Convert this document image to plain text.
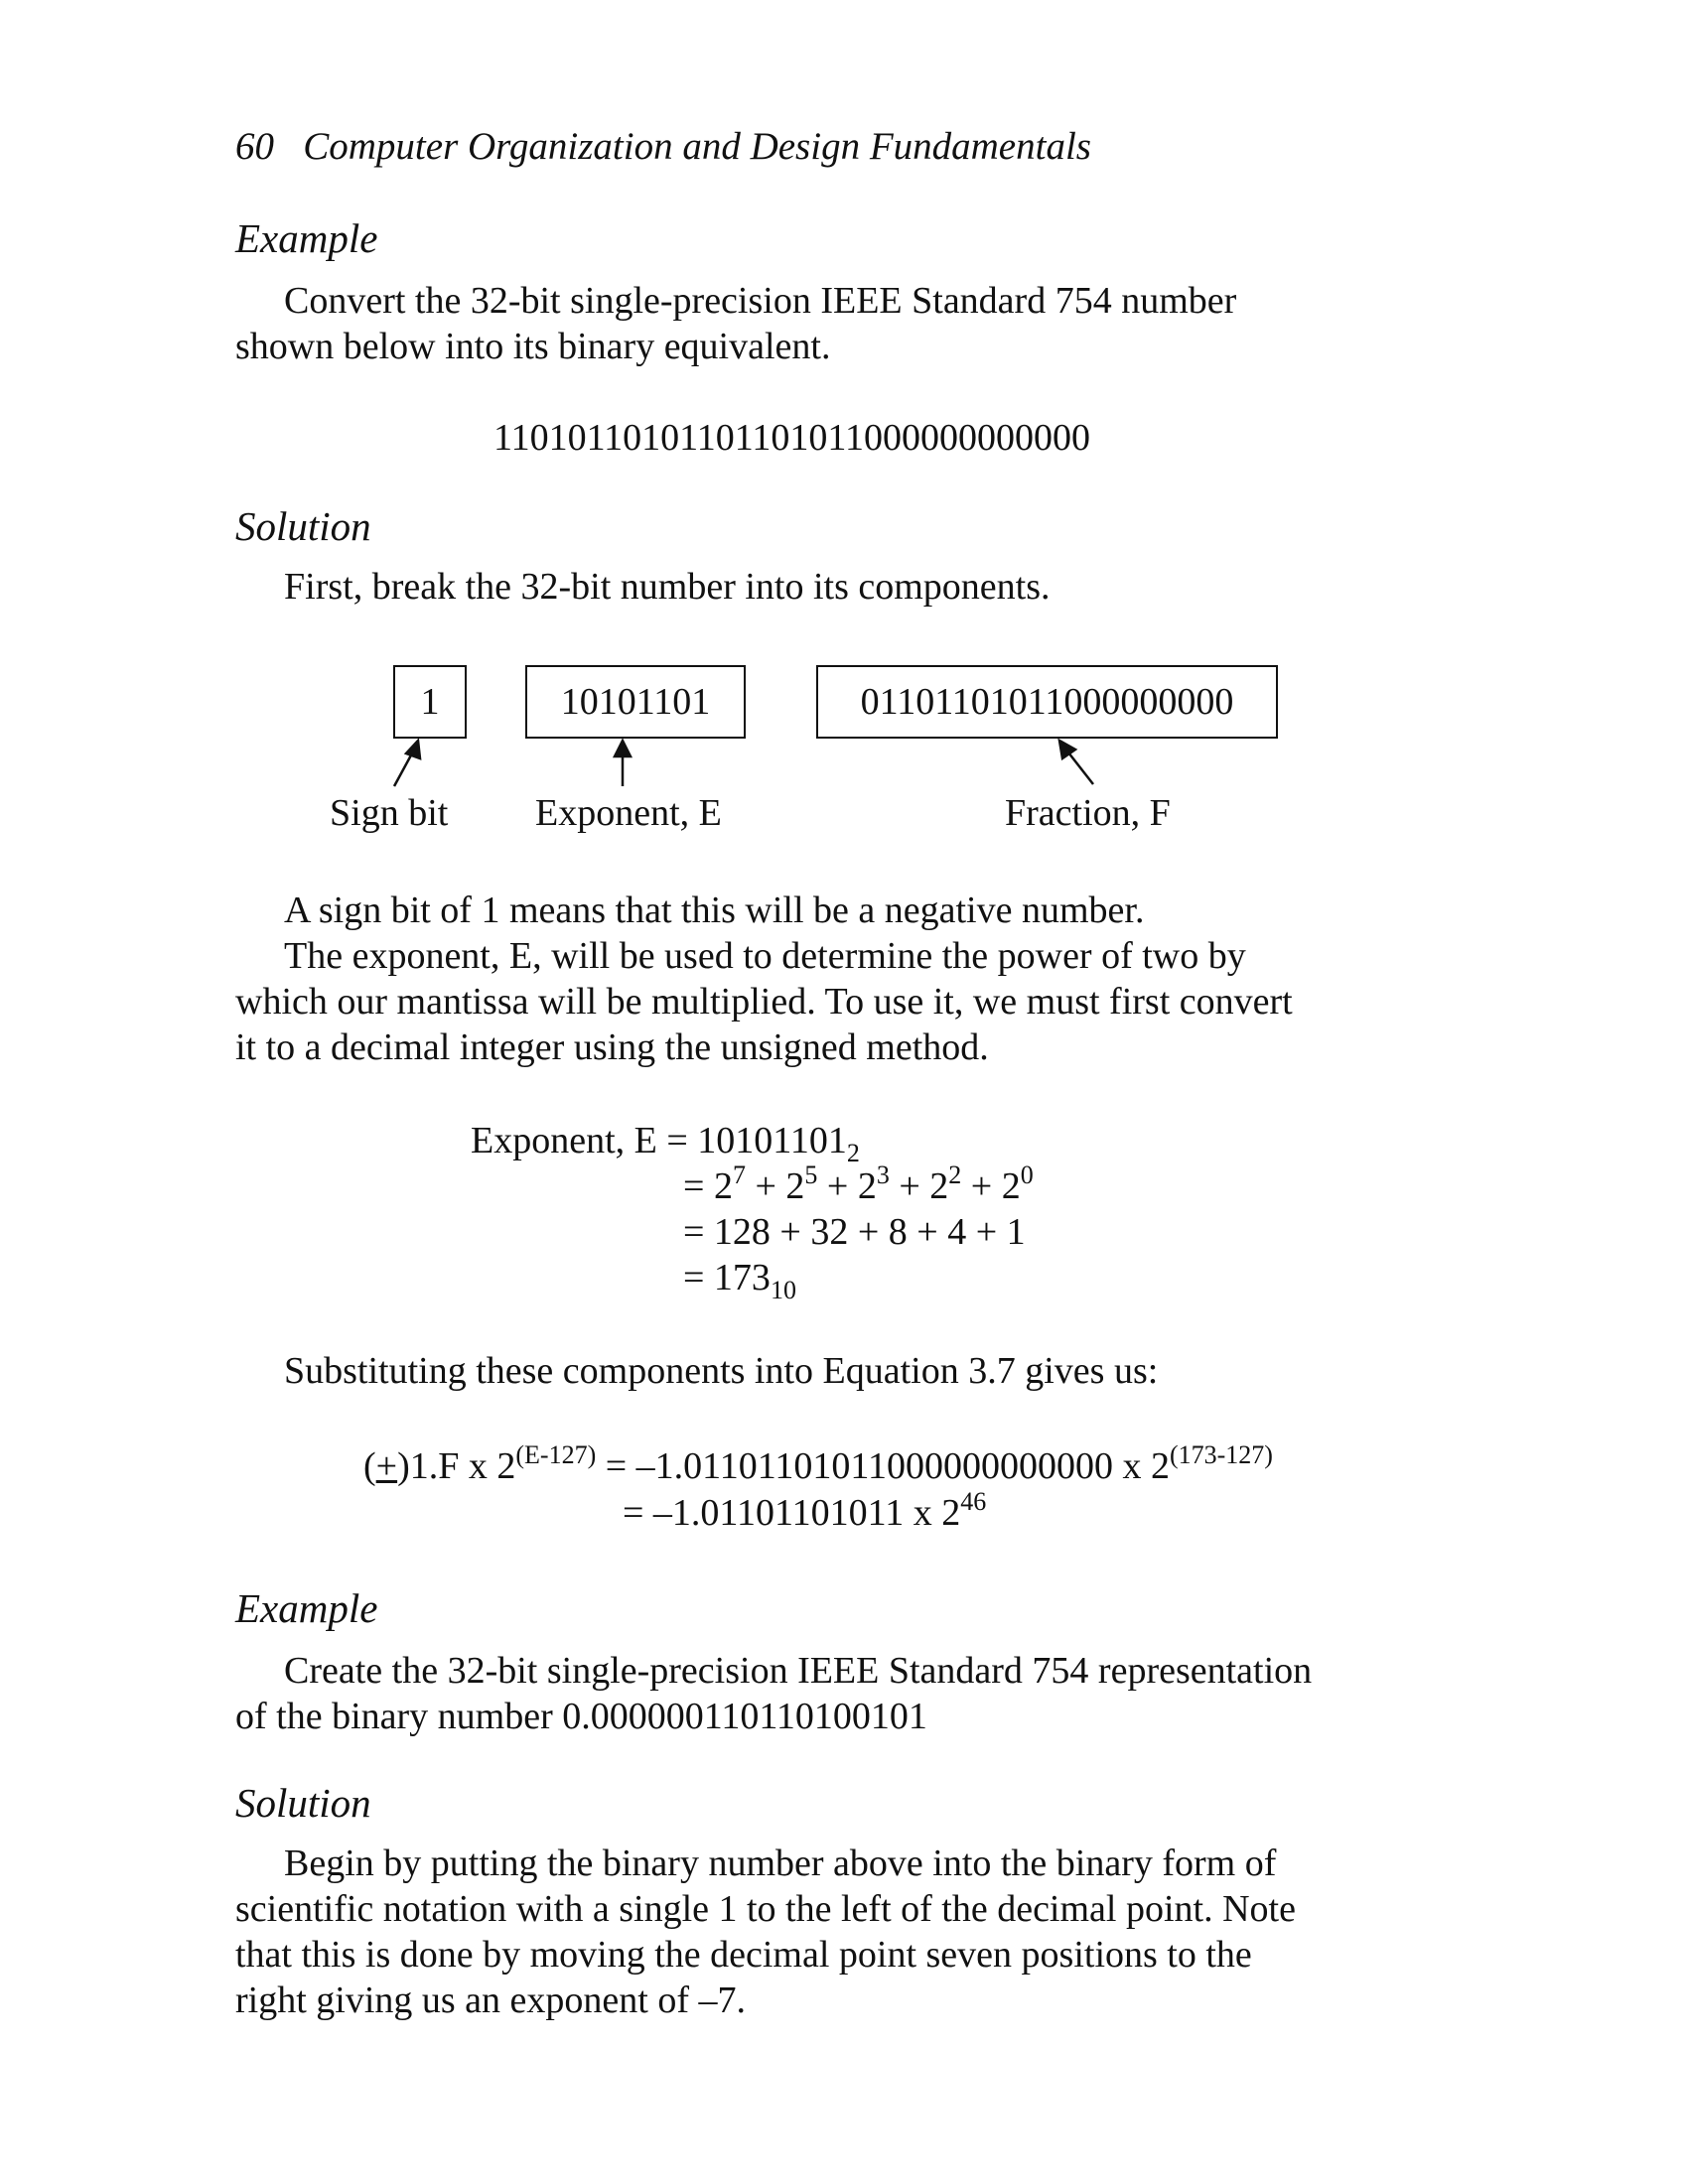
60 Computer Organization and Design Fundamentals
Example
Convert the 32-bit single-precision IEEE Standard 754 number
shown below into its binary equivalent.
11010110101101101011000000000000
Solution
First, break the 32-bit number into its components.
1	10101101	01101101011000000000
Sign bit Exponent, E	Fraction, F
A sign bit of 1 means that this will be a negative number.
The exponent, E, will be used to determine the power of two by
which our mantissa will be multiplied. To use it, we must first convert
it to a decimal integer using the unsigned method.
Exponent, $E = 10101101_2$
= $2^7 + 2^5 + 2^3 + 2^2 + 2^0$
= 128 + 32 + 8 + 4 + 1
= $173_{10}$
Substituting these components into Equation 3.7 gives us:
(+)1.F x $2^{(E-127)} = -1.01101101011000000000000$ x $2^{(173-127)}$
= –1.01101101011 x $2^{46}$
Example
Create the 32-bit single-precision IEEE Standard 754 representation
of the binary number 0.000000110110100101
Solution
Begin by putting the binary number above into the binary form of
scientific notation with a single 1 to the left of the decimal point. Note
that this is done by moving the decimal point seven positions to the
right giving us an exponent of –7.
